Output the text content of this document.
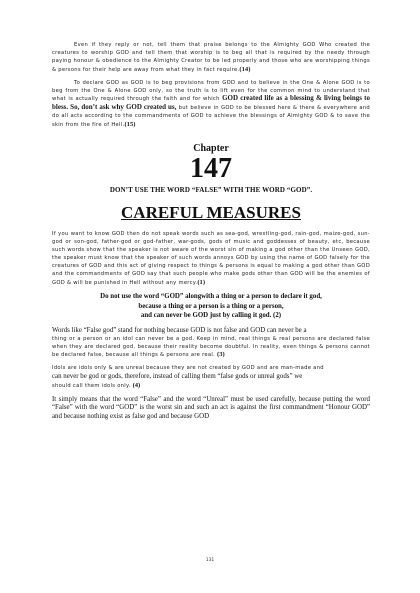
Even if they reply or not, tell them that praise belongs to the Almighty GOD Who created the creatures to worship GOD and tell them that worship is to beg all that is required by the needy through paying honour & obedience to the Almighty Creator to be led properly and those who are worshipping things & persons for their help are away from what they in fact require.(14)

To declare GOD as GOD is to beg provisions from GOD and to believe in the One & Alone GOD is to beg from the One & Alone GOD only, so the truth is to lift even for the common mind to understand that what is actually required through the faith and for which GOD created life as a blessing & living beings to bless. So, don’t ask why GOD created us, but believe in GOD to be blessed here & there & everywhere and do all acts according to the commandments of GOD to achieve the blessings of Almighty GOD & to save the skin from the fire of Hell.(15)

Chapter
147
DON’T USE THE WORD “FALSE” WITH THE WORD “GOD”.
CAREFUL MEASURES

If you want to know GOD then do not speak words such as sea-god, wrestling-god, rain-god, maize-god, sun-god or son-god, father-god or god-father, war-gods, gods of music and goddesses of beauty, etc, because such words show that the speaker is not aware of the worst sin of making a god other than the Unseen GOD, the speaker must know that the speaker of such words annoys GOD by using the name of GOD falsely for the creatures of GOD and this act of giving respect to things & persons is equal to making a god other than GOD and the commandments of GOD say that such people who make gods other than GOD will be the enemies of GOD & will be punished in Hell without any mercy.(1)

Do not use the word “GOD” alongwith a thing or a person to declare it god,
because a thing or a person is a thing or a person,
and can never be GOD just by calling it god. (2)

Words like “False god” stand for nothing because GOD is not false and GOD can never be a

thing or a person or an idol can never be a god. Keep in mind, real things & real persons are declared false when they are declared god, because their reality become doubtful. In reality, even things & persons cannot be declared false, because all things & persons are real. (3)

Idols are idols only & are unreal because they are not created by GOD and are man-made and

can never be god or gods, therefore, instead of calling them “false gods or unreal gods” we

should call them idols only. (4)

It simply means that the word “False” and the word “Unreal” must be used carefully, because putting the word “False” with the word “GOD” is the worst sin and such an act is against the first commandment “Honour GOD” and because nothing exist as false god and because GOD

131
